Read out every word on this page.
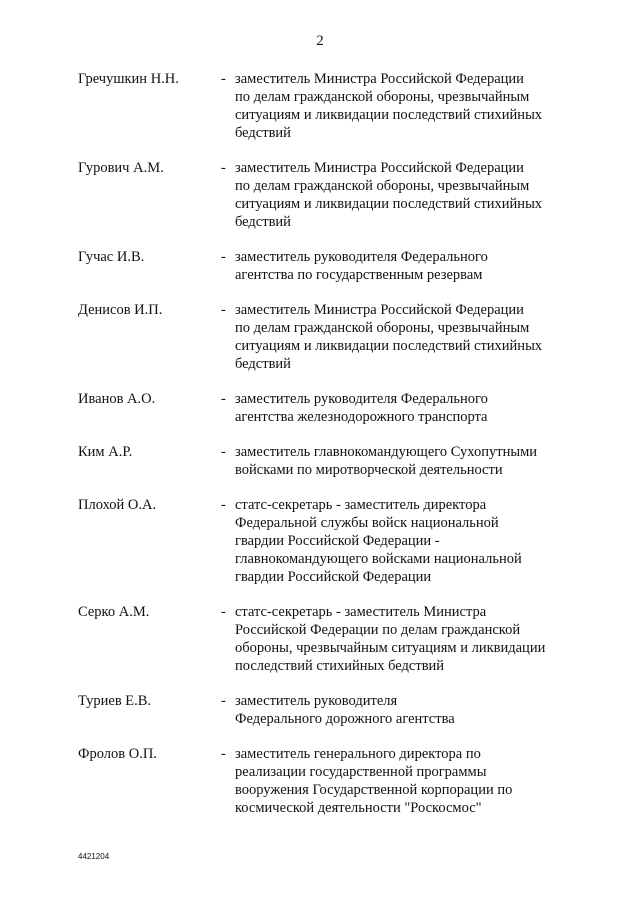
2
Гречушкин Н.Н.	- заместитель Министра Российской Федерации
по делам гражданской обороны, чрезвычайным
ситуациям и ликвидации последствий стихийных
бедствий
Гурович А.М.	- заместитель Министра Российской Федерации
по делам гражданской обороны, чрезвычайным
ситуациям и ликвидации последствий стихийных
бедствий
Гучас И.В.	- заместитель руководителя Федерального
агентства по государственным резервам
Денисов И.П.	- заместитель Министра Российской Федерации
по делам гражданской обороны, чрезвычайным
ситуациям и ликвидации последствий стихийных
бедствий
Иванов А.О.	- заместитель руководителя Федерального
агентства железнодорожного транспорта
Ким А.Р.	- заместитель главнокомандующего Сухопутными
войсками по миротворческой деятельности
Плохой О.А.	- статс-секретарь - заместитель директора
Федеральной службы войск национальной
гвардии Российской Федерации -
главнокомандующего войсками национальной
гвардии Российской Федерации
Серко А.М.	- статс-секретарь - заместитель Министра
Российской Федерации по делам гражданской
обороны, чрезвычайным ситуациям и ликвидации
последствий стихийных бедствий
Туриев Е.В.	- заместитель руководителя
Федерального дорожного агентства
Фролов О.П.	- заместитель генерального директора по
реализации государственной программы
вооружения Государственной корпорации по
космической деятельности "Роскосмос"
4421204
